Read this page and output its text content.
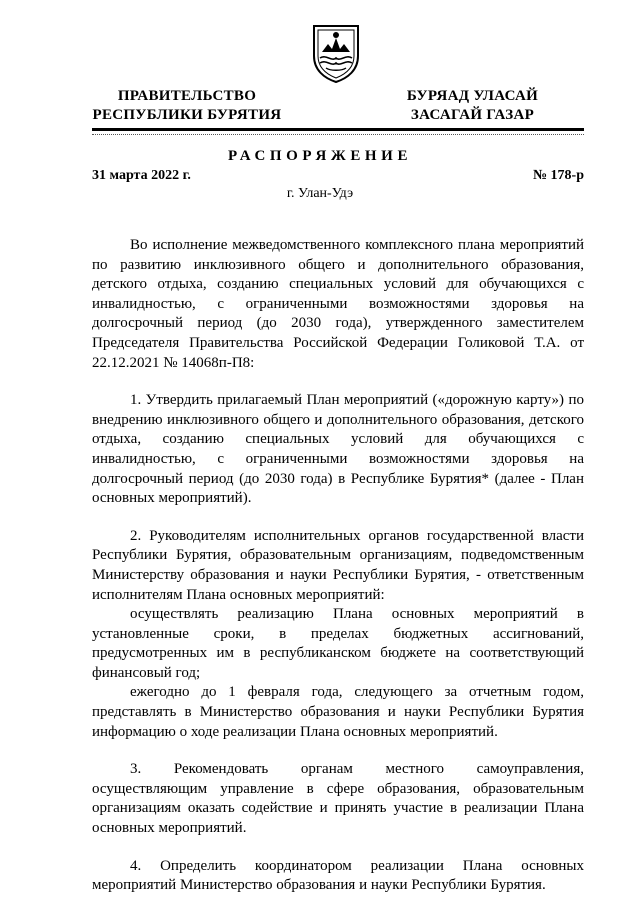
ПРАВИТЕЛЬСТВО
РЕСПУБЛИКИ БУРЯТИЯ
БУРЯАД УЛАСАЙ
ЗАСАГАЙ ГАЗАР
РАСПОРЯЖЕНИЕ
31 марта 2022 г.	№ 178-р
г. Улан-Удэ

Во исполнение межведомственного комплексного плана мероприятий по развитию инклюзивного общего и дополнительного образования, детского отдыха, созданию специальных условий для обучающихся с инвалидностью, с ограниченными возможностями здоровья на долгосрочный период (до 2030 года), утвержденного заместителем Председателя Правительства Российской Федерации Голиковой Т.А. от 22.12.2021 № 14068п-П8:

1. Утвердить прилагаемый План мероприятий («дорожную карту») по внедрению инклюзивного общего и дополнительного образования, детского отдыха, созданию специальных условий для обучающихся с инвалидностью, с ограниченными возможностями здоровья на долгосрочный период (до 2030 года) в Республике Бурятия* (далее - План основных мероприятий).

2. Руководителям исполнительных органов государственной власти Республики Бурятия, образовательным организациям, подведомственным Министерству образования и науки Республики Бурятия, - ответственным исполнителям Плана основных мероприятий:

осуществлять реализацию Плана основных мероприятий в установленные сроки, в пределах бюджетных ассигнований, предусмотренных им в республиканском бюджете на соответствующий финансовый год;

ежегодно до 1 февраля года, следующего за отчетным годом, представлять в Министерство образования и науки Республики Бурятия информацию о ходе реализации Плана основных мероприятий.

3. Рекомендовать органам местного самоуправления, осуществляющим управление в сфере образования, образовательным организациям оказать содействие и принять участие в реализации Плана основных мероприятий.

4. Определить координатором реализации Плана основных мероприятий Министерство образования и науки Республики Бурятия.
